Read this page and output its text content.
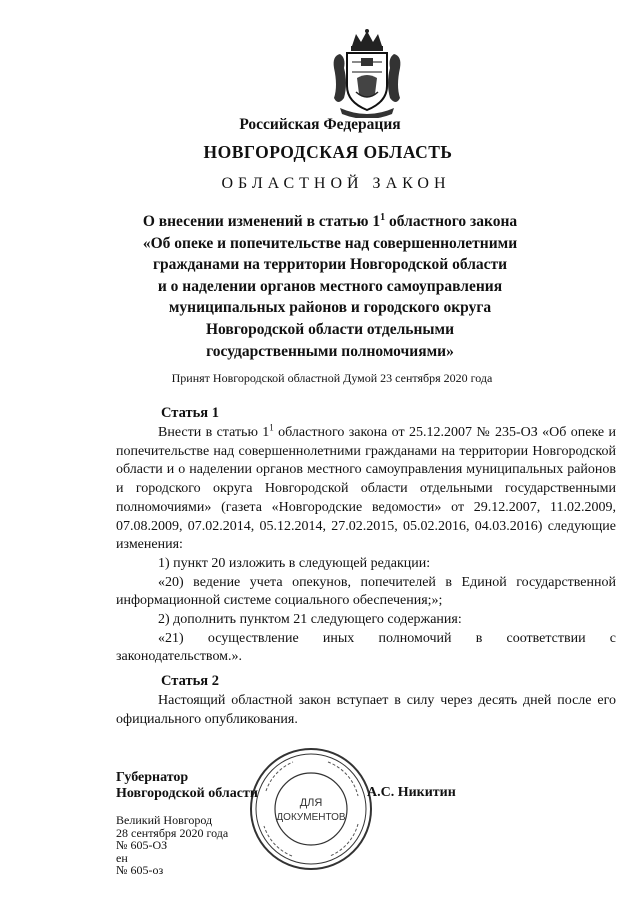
Российская Федерация
НОВГОРОДСКАЯ ОБЛАСТЬ
ОБЛАСТНОЙ ЗАКОН
О внесении изменений в статью $1^1$ областного закона
«Об опеке и попечительстве над совершеннолетними
гражданами на территории Новгородской области
и о наделении органов местного самоуправления
муниципальных районов и городского округа
Новгородской области отдельными
государственными полномочиями»
Принят Новгородской областной Думой 23 сентября 2020 года
Статья 1

Внести в статью $1^1$ областного закона от 25.12.2007 № 235-ОЗ «Об опеке и попечительстве над совершеннолетними гражданами на территории Новгородской области и о наделении органов местного самоуправления муниципальных районов и городского округа Новгородской области отдельными государственными полномочиями» (газета «Новгородские ведомости» от 29.12.2007, 11.02.2009, 07.08.2009, 07.02.2014, 05.12.2014, 27.02.2015, 05.02.2016, 04.03.2016) следующие изменения:

1) пункт 20 изложить в следующей редакции:

«20) ведение учета опекунов, попечителей в Единой государственной информационной системе социального обеспечения;»;

2) дополнить пунктом 21 следующего содержания:

«21) осуществление иных полномочий в соответствии с законодательством.».

Статья 2

Настоящий областной закон вступает в силу через десять дней после его официального опубликования.

ДЛЯ
ДОКУМЕНТОВ
Губернатор
Новгородской области	А.С. Никитин
Великий Новгород
28 сентября 2020 года
№ 605-ОЗ
ен
№ 605-оз
